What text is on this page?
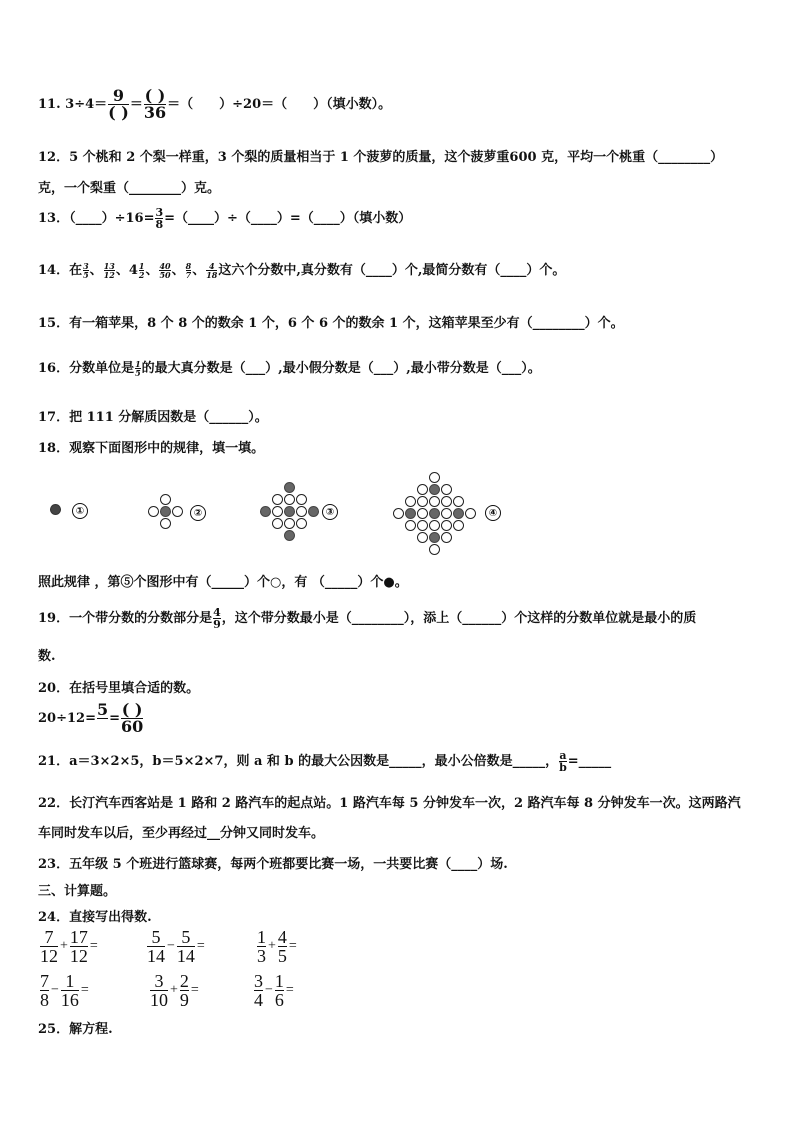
11. $3\div 4= \frac{9}{( )} = \frac{( )}{36}$ ＝（　　）÷20＝（　　）（填小数）。
12．5 个桃和 2 个梨一样重，3 个梨的质量相当于 1 个菠萝的质量，这个菠萝重600 克，平均一个桃重（________）
克，一个梨重（________）克。
13．（____）÷16= $\frac{3}{8}$ =（____）÷（____）=（____）（填小数）
14．在 $\frac{3}{5}$ 、 $\frac{13}{12}$ 、$4 \frac{1}{2}$ 、 $\frac{40}{50}$ 、 $\frac{8}{7}$ 、 $\frac{4}{18}$ 这六个分数中,真分数有（____）个,最简分数有（____）个。
15．有一箱苹果，8 个 8 个的数余 1 个，6 个 6 个的数余 1 个，这箱苹果至少有（________）个。
16．分数单位是 $\frac{1}{5}$ 的最大真分数是（___）,最小假分数是（___）,最小带分数是（___）。
17．把 111 分解质因数是（______）。
18．观察下面图形中的规律，填一填。
①	②	③	④
照此规律 ，第⑤个图形中有（_____）个○，有 （_____）个●。
19．一个带分数的分数部分是 $\frac{4}{9}$ ，这个带分数最小是（________），添上（______）个这样的分数单位就是最小的质
数.
20．在括号里填合适的数。
$20\div 12= 5 = \frac{( )}{60}$
21．a＝3×2×5，b＝5×2×7，则 a 和 b 的最大公因数是_____，最小公倍数是_____， $\frac{a}{b}$ =_____
22．长汀汽车西客站是 1 路和 2 路汽车的起点站。1 路汽车每 5 分钟发车一次，2 路汽车每 8 分钟发车一次。这两路汽
车同时发车以后，至少再经过__分钟又同时发车。
23．五年级 5 个班进行篮球赛，每两个班都要比赛一场，一共要比赛（____）场.
三、计算题。
24．直接写出得数.
$\frac{7}{12} + \frac{17}{12}$ =	$\frac{5}{14} - \frac{5}{14}$ =	$\frac{1}{3} + \frac{4}{5}$ =
$\frac{7}{8} - \frac{1}{16}$ =	$\frac{3}{10} + \frac{2}{9}$ =	$\frac{3}{4} - \frac{1}{6}$ =
25．解方程.
